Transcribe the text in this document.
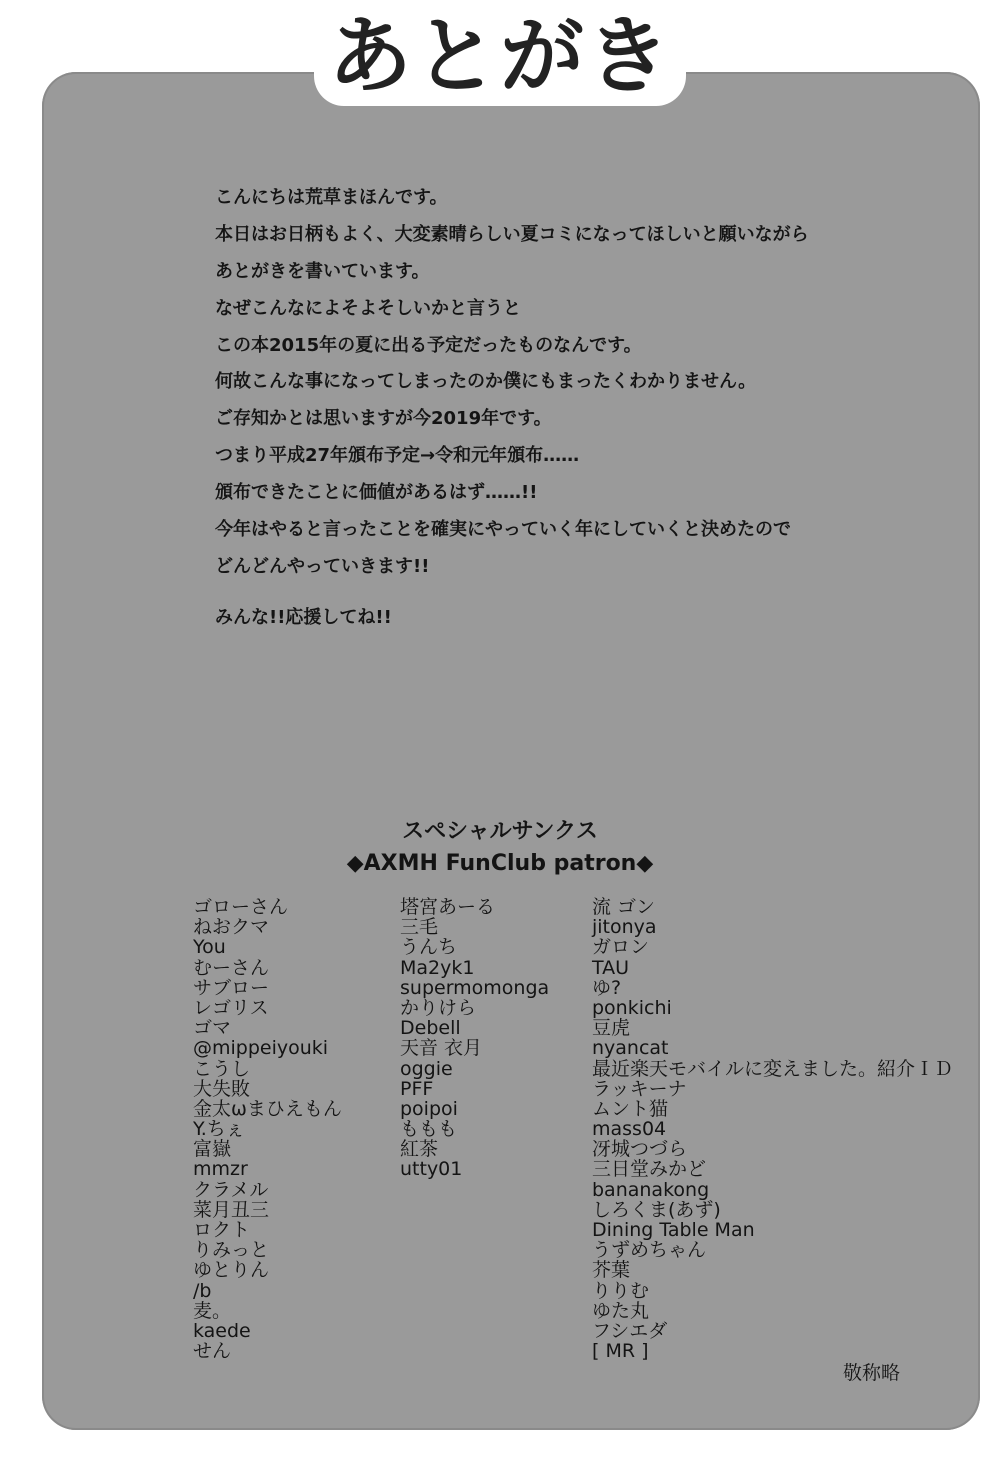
あとがき
こんにちは荒草まほんです。
本日はお日柄もよく、大変素晴らしい夏コミになってほしいと願いながら
あとがきを書いています。
なぜこんなによそよそしいかと言うと
この本2015年の夏に出る予定だったものなんです。
何故こんな事になってしまったのか僕にもまったくわかりません。
ご存知かとは思いますが今2019年です。
つまり平成27年頒布予定→令和元年頒布……
頒布できたことに価値があるはず……!!
今年はやると言ったことを確実にやっていく年にしていくと決めたので
どんどんやっていきます!!
みんな!!応援してね!!
スペシャルサンクス
◆AXMH FunClub patron◆
ゴローさん
ねおクマ
You
むーさん
サブロー
レゴリス
ゴマ
@mippeiyouki
こうし
大失敗
金太ωまひえもん
Y.ちぇ
富嶽
mmzr
クラメル
菜月丑三
ロクト
りみっと
ゆとりん
/b
麦。
kaede
せん
塔宮あーる
三毛
うんち
Ma2yk1
supermomonga
かりけら
Debell
天音 衣月
oggie
PFF
poipoi
ももも
紅茶
utty01
流 ゴン
jitonya
ガロン
TAU
ゆ?
ponkichi
豆虎
nyancat
最近楽天モバイルに変えました。紹介ＩＤ
ラッキーナ
ムント猫
mass04
冴城つづら
三日堂みかど
bananakong
しろくま(あず)
Dining Table Man
うずめちゃん
芥葉
りりむ
ゆた丸
フシエダ
[ MR ]
敬称略
